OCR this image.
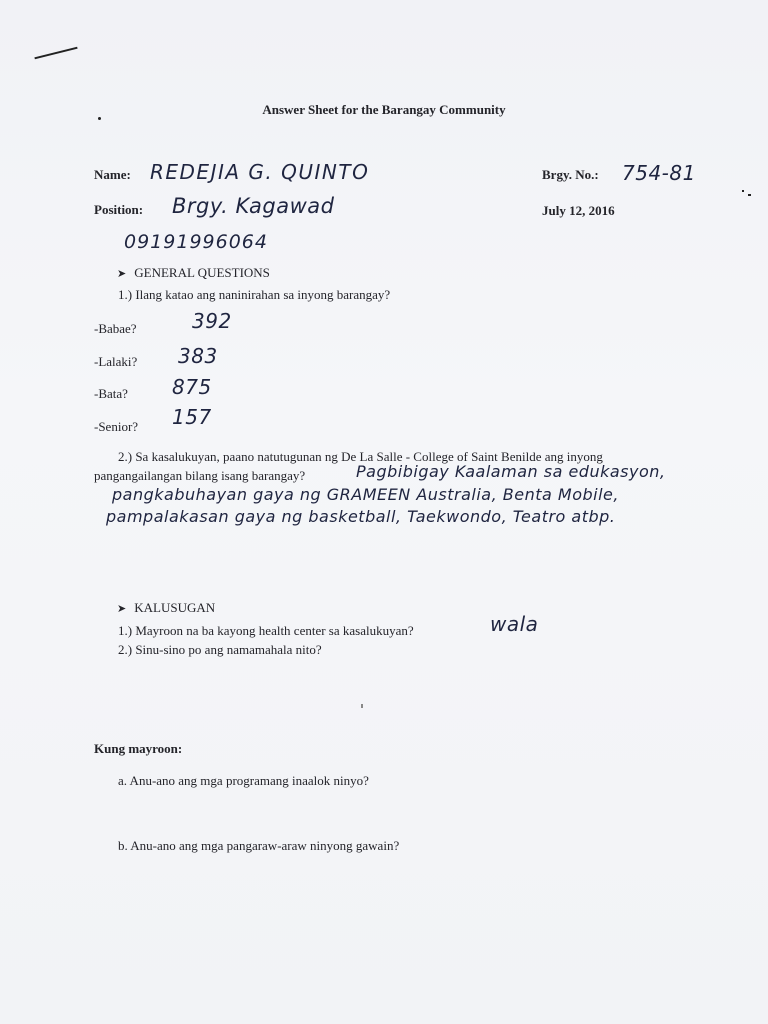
Answer Sheet for the Barangay Community
Name: REDEJIA G. QUINTO	Brgy. No.: 754-81
Position: Brgy. Kagawad	July 12, 2016
09191996064
➤ GENERAL QUESTIONS
1.) Ilang katao ang naninirahan sa inyong barangay?
-Babae?	392
-Lalaki? 383
-Bata? 875
-Senior? 157
2.) Sa kasalukuyan, paano natutugunan ng De La Salle - College of Saint Benilde ang inyong
pangangailangan bilang isang barangay?	Pagbibigay Kaalaman sa edukasyon,
pangkabuhayan gaya ng GRAMEEN Australia, Benta Mobile,
pampalakasan gaya ng basketball, Taekwondo, Teatro atbp.
➤ KALUSUGAN
1.) Mayroon na ba kayong health center sa kasalukuyan?	wala
2.) Sinu-sino po ang namamahala nito?
Kung mayroon:
a. Anu-ano ang mga programang inaalok ninyo?
b. Anu-ano ang mga pangaraw-araw ninyong gawain?
